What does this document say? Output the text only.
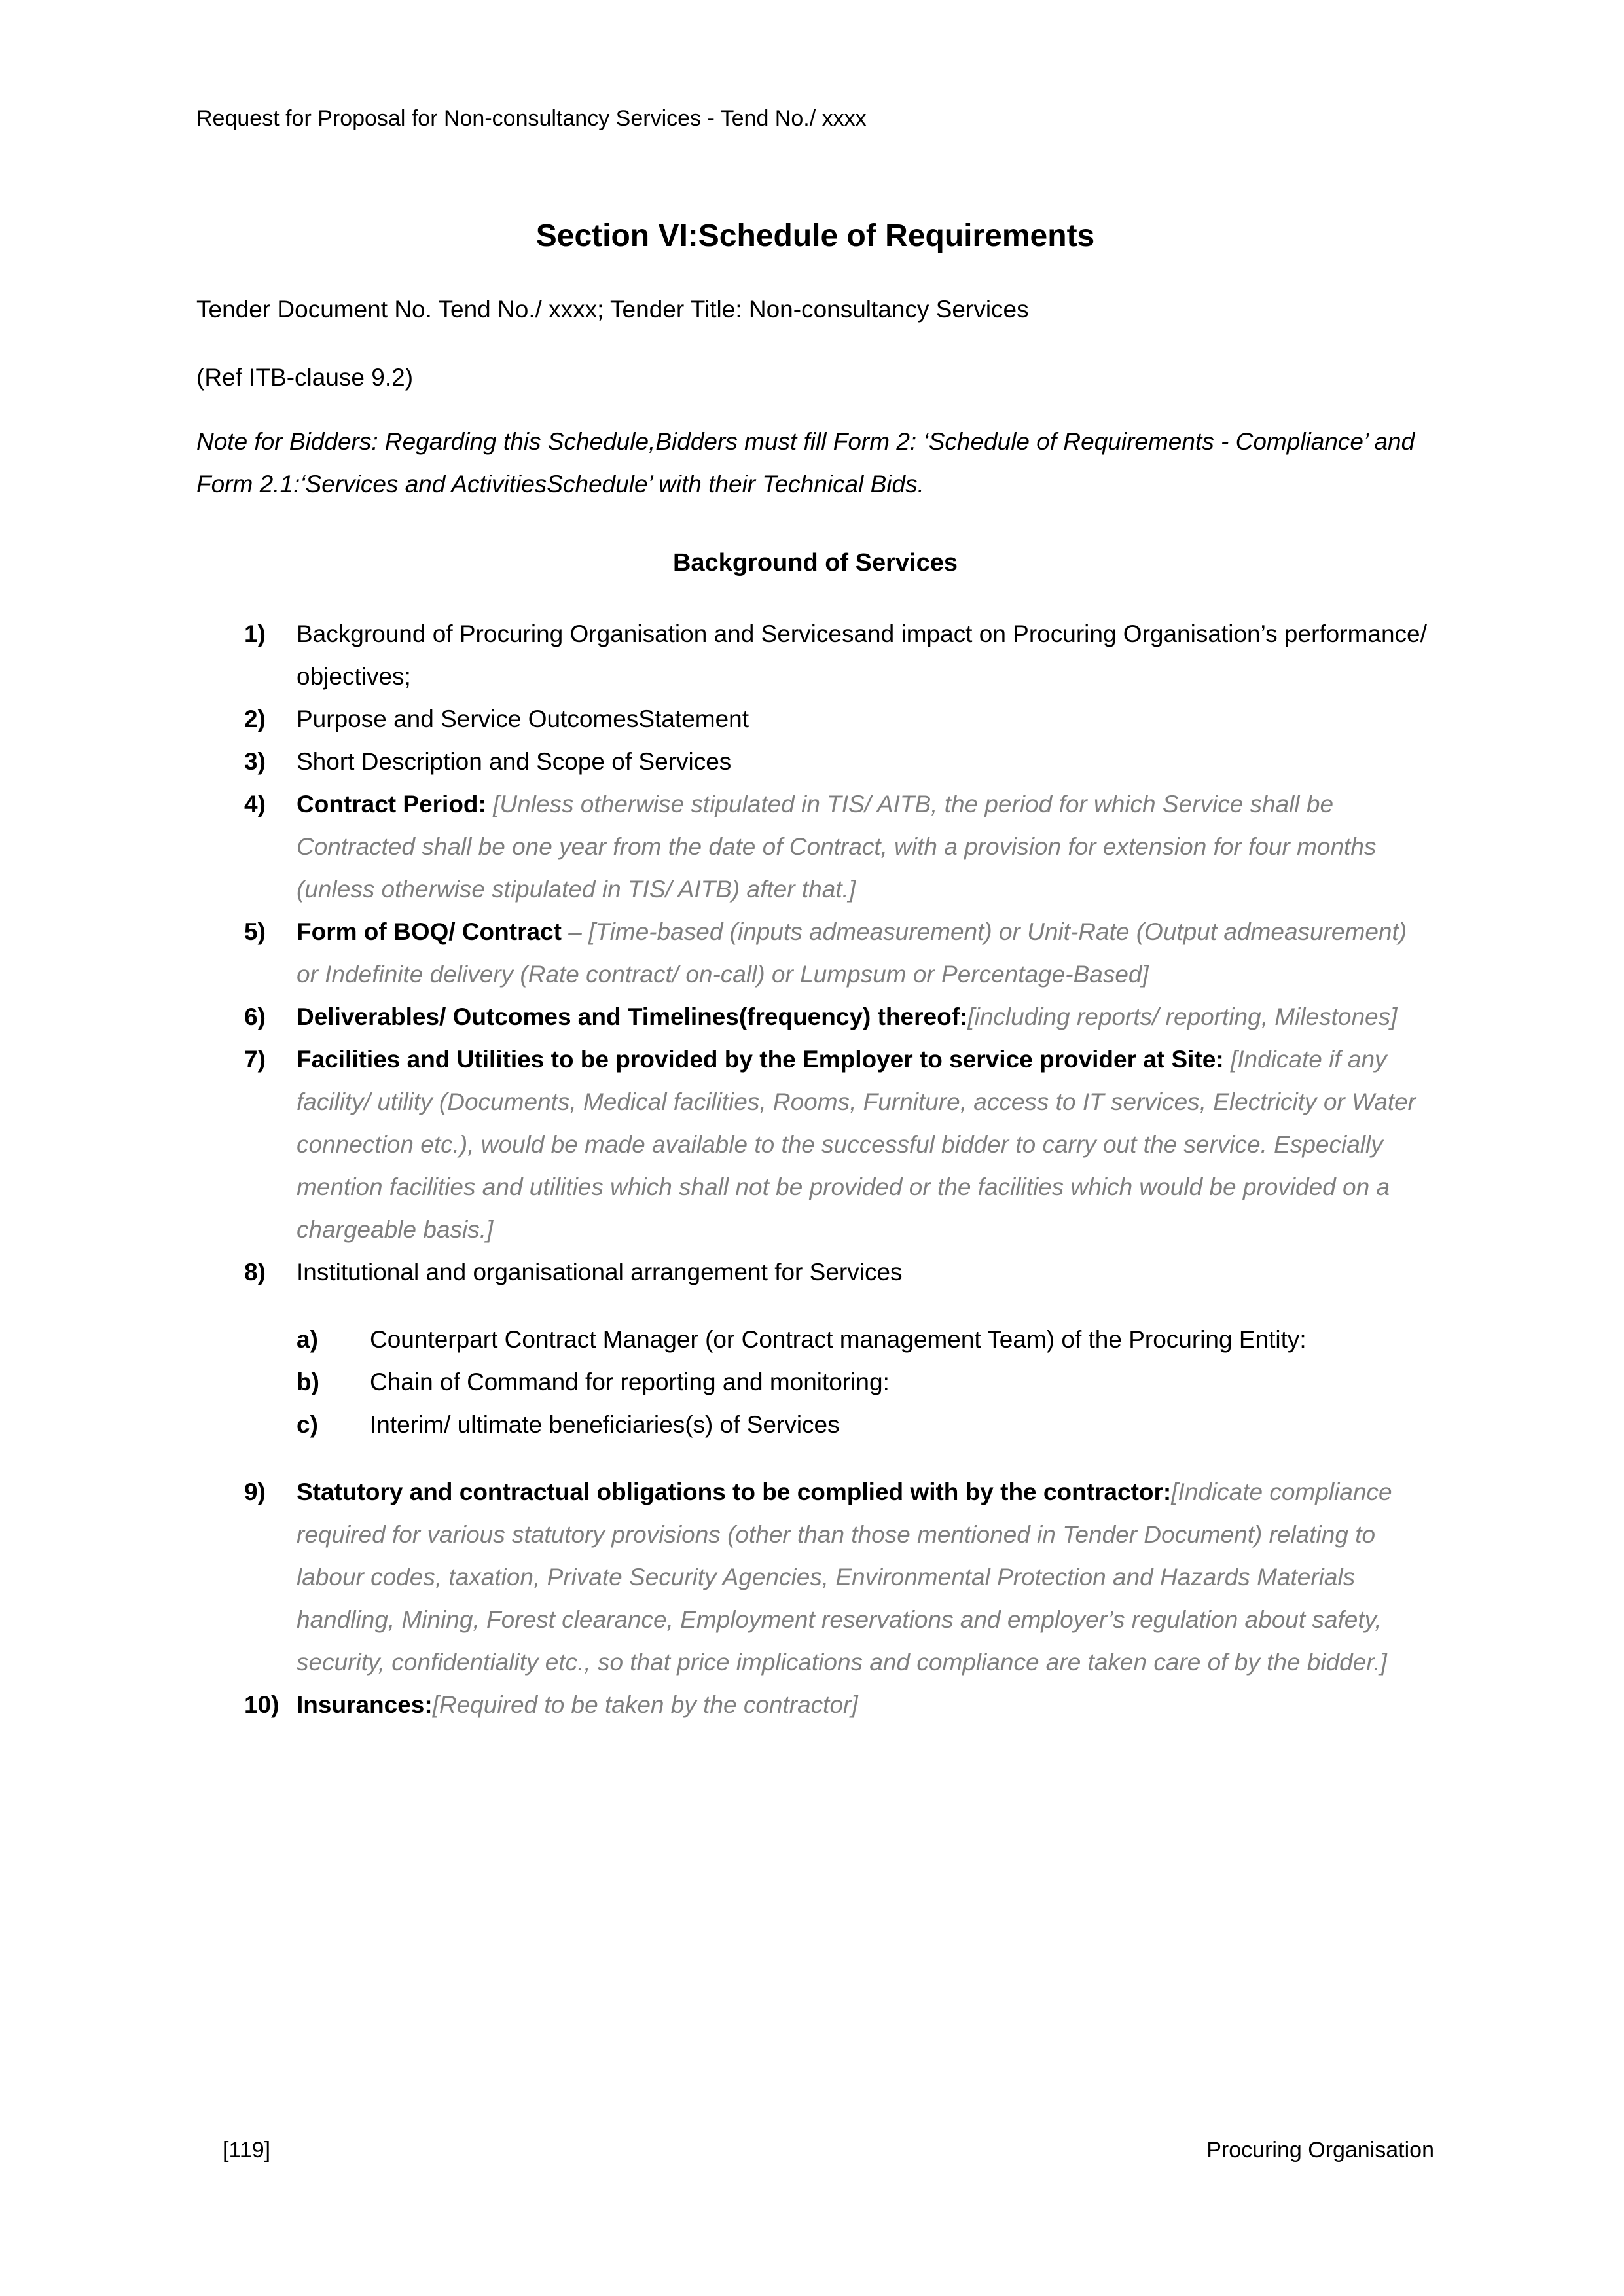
Request for Proposal for Non-consultancy Services - Tend No./ xxxx
Section VI:Schedule of Requirements

Tender Document No. Tend No./ xxxx; Tender Title: Non-consultancy Services

(Ref ITB-clause 9.2)

Note for Bidders: Regarding this Schedule,Bidders must fill Form 2: ‘Schedule of Requirements - Compliance’ and Form 2.1:‘Services and ActivitiesSchedule’ with their Technical Bids.

Background of Services
1)	Background of Procuring Organisation and Servicesand impact on Procuring Organisation’s performance/ objectives;
2)	Purpose and Service OutcomesStatement
3)	Short Description and Scope of Services
4)	Contract Period: [Unless otherwise stipulated in TIS/ AITB, the period for which Service shall be Contracted shall be one year from the date of Contract, with a provision for extension for four months (unless otherwise stipulated in TIS/ AITB) after that.]
5)	Form of BOQ/ Contract – [Time-based (inputs admeasurement) or Unit-Rate (Output admeasurement) or Indefinite delivery (Rate contract/ on-call) or Lumpsum or Percentage-Based]
6)	Deliverables/ Outcomes and Timelines(frequency) thereof:[including reports/ reporting, Milestones]
7)	Facilities and Utilities to be provided by the Employer to service provider at Site: [Indicate if any facility/ utility (Documents, Medical facilities, Rooms, Furniture, access to IT services, Electricity or Water connection etc.), would be made available to the successful bidder to carry out the service. Especially mention facilities and utilities which shall not be provided or the facilities which would be provided on a chargeable basis.]
8)	Institutional and organisational arrangement for Services
a)	Counterpart Contract Manager (or Contract management Team) of the Procuring Entity:
b)	Chain of Command for reporting and monitoring:
c)	Interim/ ultimate beneficiaries(s) of Services
9)	Statutory and contractual obligations to be complied with by the contractor:[Indicate compliance required for various statutory provisions (other than those mentioned in Tender Document) relating to labour codes, taxation, Private Security Agencies, Environmental Protection and Hazards Materials handling, Mining, Forest clearance, Employment reservations and employer’s regulation about safety, security, confidentiality etc., so that price implications and compliance are taken care of by the bidder.]
10) Insurances:[Required to be taken by the contractor]
[119]	Procuring Organisation
